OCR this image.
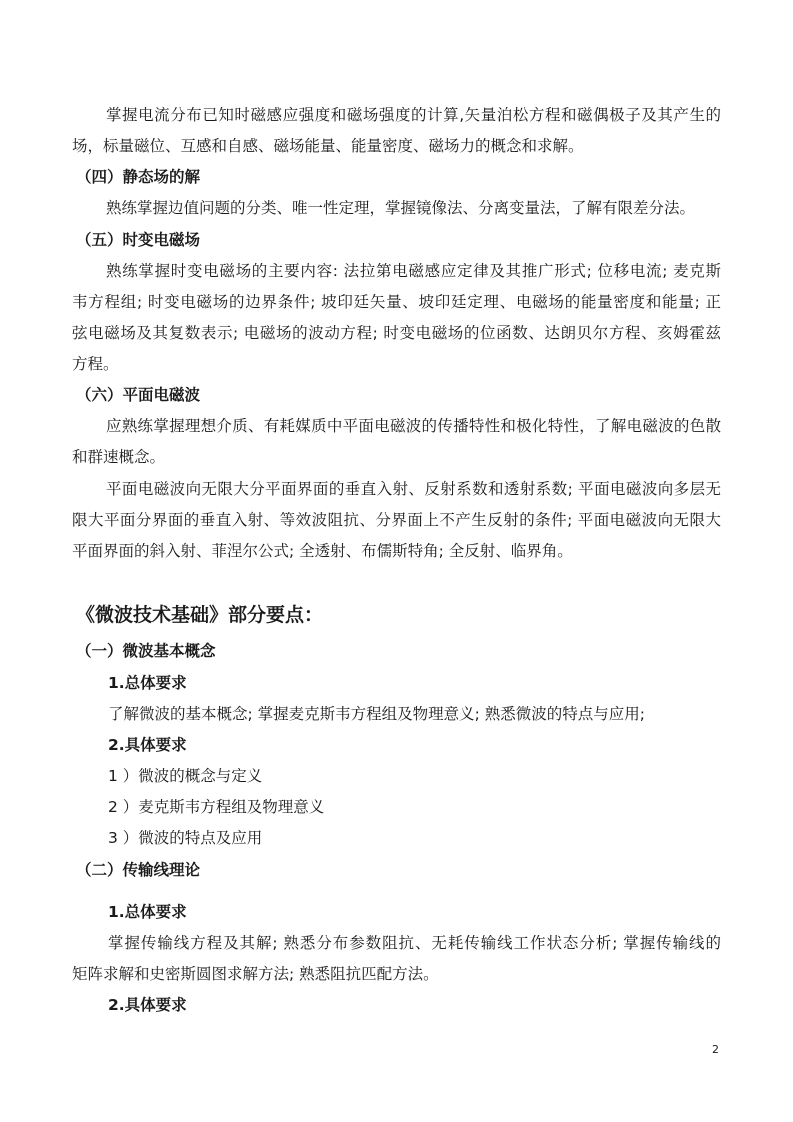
掌握电流分布已知时磁感应强度和磁场强度的计算,矢量泊松方程和磁偶极子及其产生的
场，标量磁位、互感和自感、磁场能量、能量密度、磁场力的概念和求解。
（四）静态场的解
熟练掌握边值问题的分类、唯一性定理，掌握镜像法、分离变量法，了解有限差分法。
（五）时变电磁场
熟练掌握时变电磁场的主要内容: 法拉第电磁感应定律及其推广形式; 位移电流; 麦克斯
韦方程组; 时变电磁场的边界条件; 坡印廷矢量、坡印廷定理、电磁场的能量密度和能量; 正
弦电磁场及其复数表示; 电磁场的波动方程; 时变电磁场的位函数、达朗贝尔方程、亥姆霍兹
方程。
（六）平面电磁波
应熟练掌握理想介质、有耗媒质中平面电磁波的传播特性和极化特性，了解电磁波的色散
和群速概念。
平面电磁波向无限大分平面界面的垂直入射、反射系数和透射系数; 平面电磁波向多层无
限大平面分界面的垂直入射、等效波阻抗、分界面上不产生反射的条件; 平面电磁波向无限大
平面界面的斜入射、菲涅尔公式; 全透射、布儒斯特角; 全反射、临界角。
《微波技术基础》部分要点：
（一）微波基本概念
1.总体要求
了解微波的基本概念; 掌握麦克斯韦方程组及物理意义; 熟悉微波的特点与应用;
2.具体要求
1 ）微波的概念与定义
2 ）麦克斯韦方程组及物理意义
3 ）微波的特点及应用
（二）传输线理论
1.总体要求
掌握传输线方程及其解; 熟悉分布参数阻抗、无耗传输线工作状态分析; 掌握传输线的
矩阵求解和史密斯圆图求解方法; 熟悉阻抗匹配方法。
2.具体要求
2
